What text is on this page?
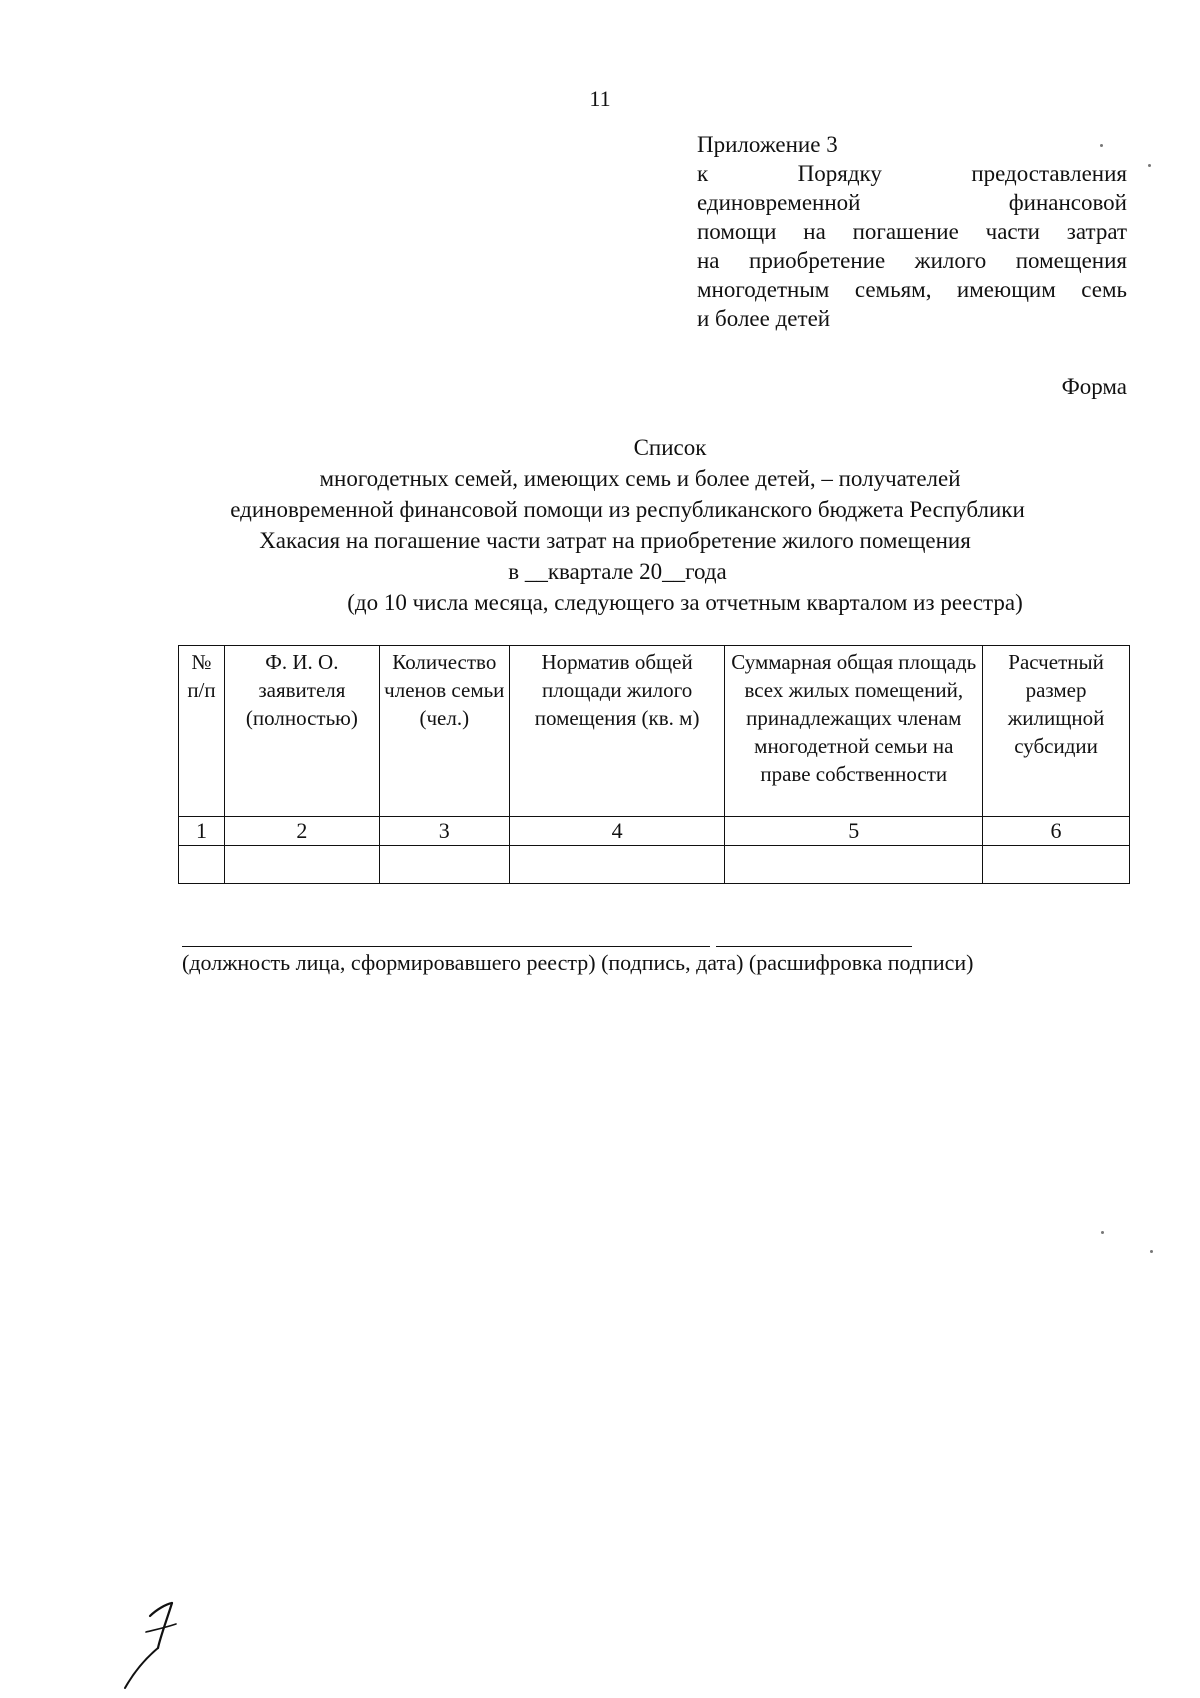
11
Приложение 3
к Порядку предоставления
единовременной финансовой
помощи на погашение части затрат
на приобретение жилого помещения
многодетным семьям, имеющим семь
и более детей
Форма
Список
многодетных семей, имеющих семь и более детей, – получателей
единовременной финансовой помощи из республиканского бюджета Республики
Хакасия на погашение части затрат на приобретение жилого помещения
в __квартале 20__года
(до 10 числа месяца, следующего за отчетным кварталом из реестра)
№ п/п	Ф. И. О. заявителя (полностью)	Количество членов семьи (чел.)	Норматив общей площади жилого помещения (кв. м)	Суммарная общая площадь всех жилых помещений, принадлежащих членам многодетной семьи на праве собственности	Расчетный размер жилищной субсидии
1	2	3	4	5	6

(должность лица, сформировавшего реестр) (подпись, дата) (расшифровка подписи)
